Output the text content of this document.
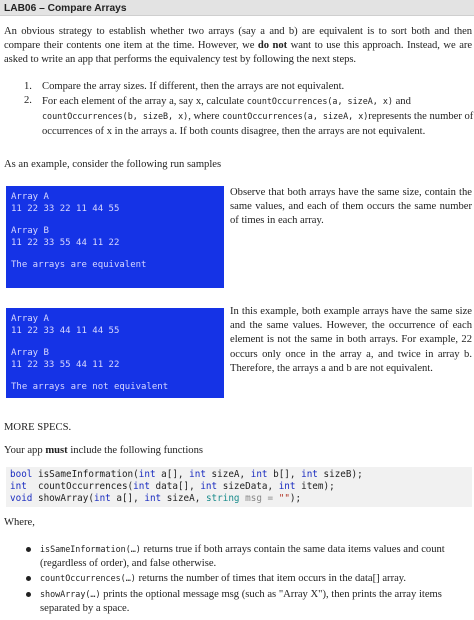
LAB06 – Compare Arrays
An obvious strategy to establish whether two arrays (say a and b) are equivalent is to sort both and then compare their contents one item at the time. However, we do not want to use this approach. Instead, we are asked to write an app that performs the equivalency test by following the next steps.
1. Compare the array sizes. If different, then the arrays are not equivalent.
2. For each element of the array a, say x, calculate countOccurrences(a, sizeA, x) and countOccurrences(b, sizeB, x), where countOccurrences(a, sizeA, x)represents the number of occurrences of x in the arrays a. If both counts disagree, then the arrays are not equivalent.
As an example, consider the following run samples
Array A
11 22 33 22 11 44 55
Array B
11 22 33 55 44 11 22
The arrays are equivalent
Observe that both arrays have the same size, contain the same values, and each of them occurs the same number of times in each array.
Array A
11 22 33 44 11 44 55
Array B
11 22 33 55 44 11 22
The arrays are not equivalent
In this example, both example arrays have the same size and the same values. However, the occurrence of each element is not the same in both arrays. For example, 22 occurs only once in the array a, and twice in array b. Therefore, the arrays a and b are not equivalent.
MORE SPECS.
Your app must include the following functions
bool isSameInformation(int a[], int sizeA, int b[], int sizeB);
int  countOccurrences(int data[], int sizeData, int item);
void showArray(int a[], int sizeA, string msg = "");
Where,
isSameInformation(…) returns true if both arrays contain the same data items values and count (regardless of order), and false otherwise.
countOccurrences(…) returns the number of times that item occurs in the data[] array.
showArray(…) prints the optional message msg (such as "Array X"), then prints the array items separated by a space.
